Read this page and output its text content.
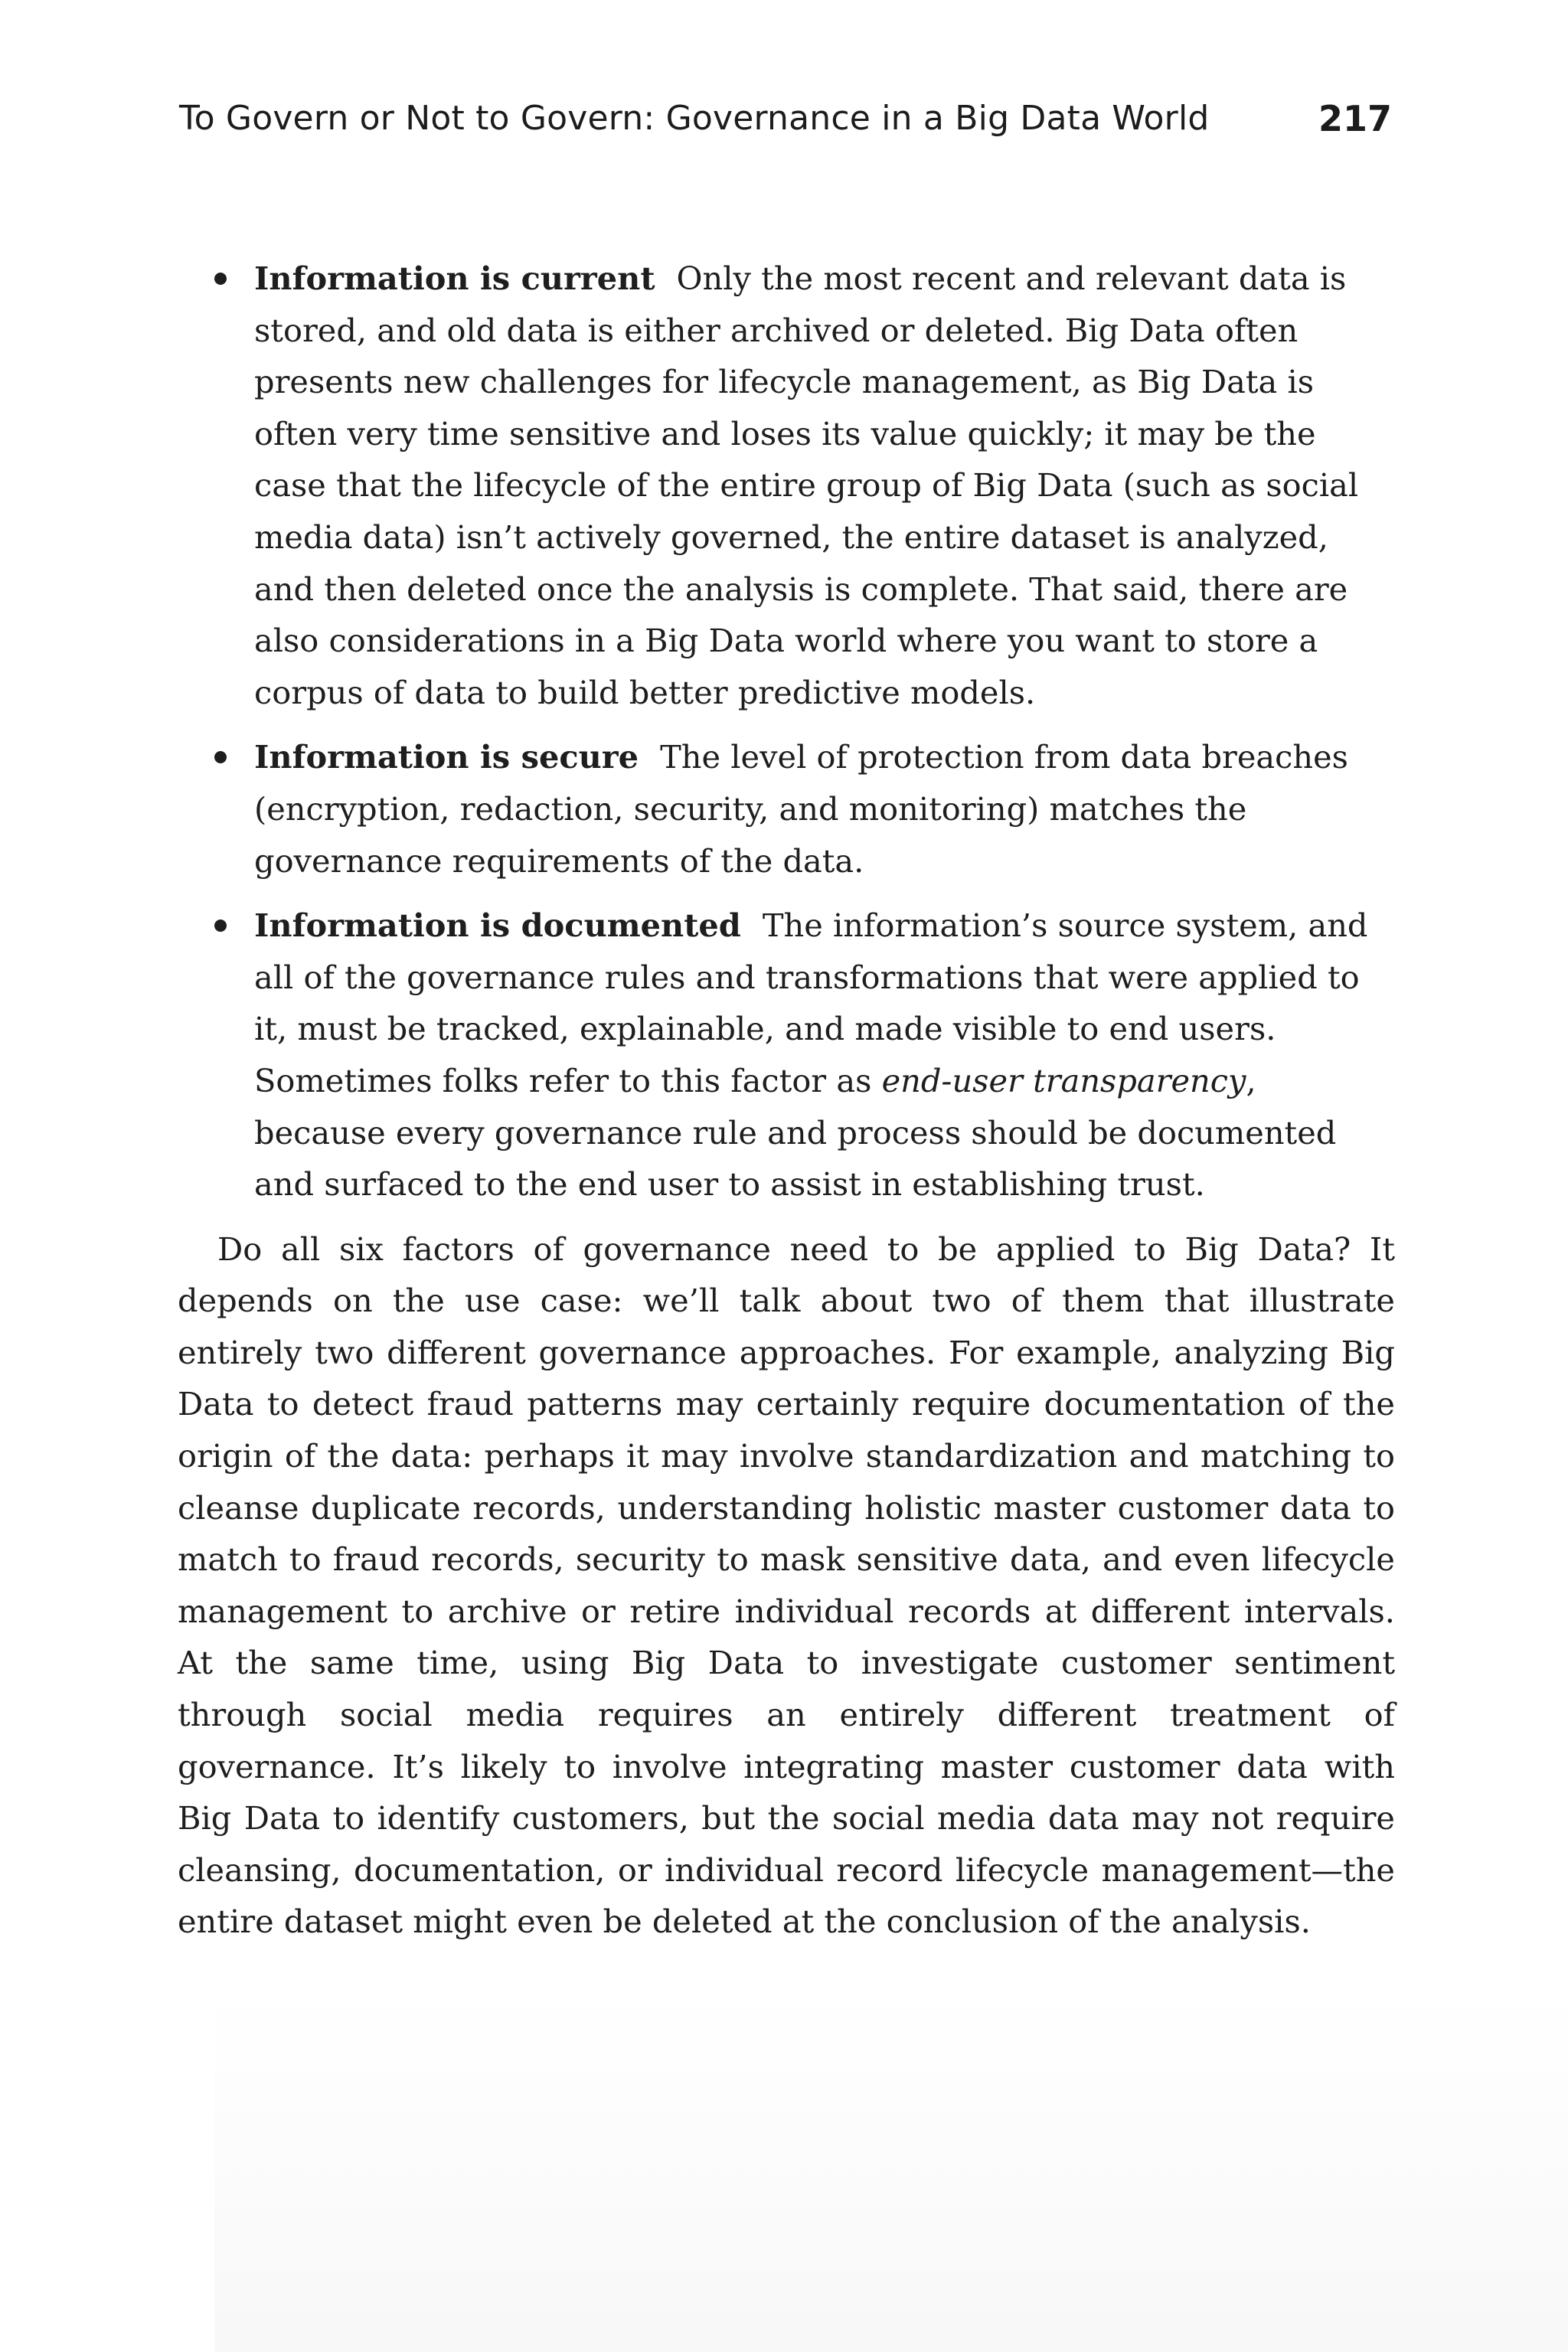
To Govern or Not to Govern: Governance in a Big Data World	217
Information is current Only the most recent and relevant data is stored, and old data is either archived or deleted. Big Data often presents new challenges for lifecycle management, as Big Data is often very time sensitive and loses its value quickly; it may be the case that the lifecycle of the entire group of Big Data (such as social media data) isn’t actively governed, the entire dataset is analyzed, and then deleted once the analysis is complete. That said, there are also considerations in a Big Data world where you want to store a corpus of data to build better predictive models.
Information is secure The level of protection from data breaches (encryption, redaction, security, and monitoring) matches the governance requirements of the data.
Information is documented The information’s source system, and all of the governance rules and transformations that were applied to it, must be tracked, explainable, and made visible to end users. Sometimes folks refer to this factor as end-user transparency, because every governance rule and process should be documented and surfaced to the end user to assist in establishing trust.

Do all six factors of governance need to be applied to Big Data? It depends on the use case: we’ll talk about two of them that illustrate entirely two different governance approaches. For example, analyzing Big Data to detect fraud patterns may certainly require documentation of the origin of the data: perhaps it may involve standardization and matching to cleanse duplicate records, understanding holistic master customer data to match to fraud records, security to mask sensitive data, and even lifecycle management to archive or retire individual records at different intervals. At the same time, using Big Data to investigate customer sentiment through social media requires an entirely different treatment of governance. It’s likely to involve integrating master customer data with Big Data to identify customers, but the social media data may not require cleansing, documentation, or individual record lifecycle management—the entire dataset might even be deleted at the conclusion of the analysis.
